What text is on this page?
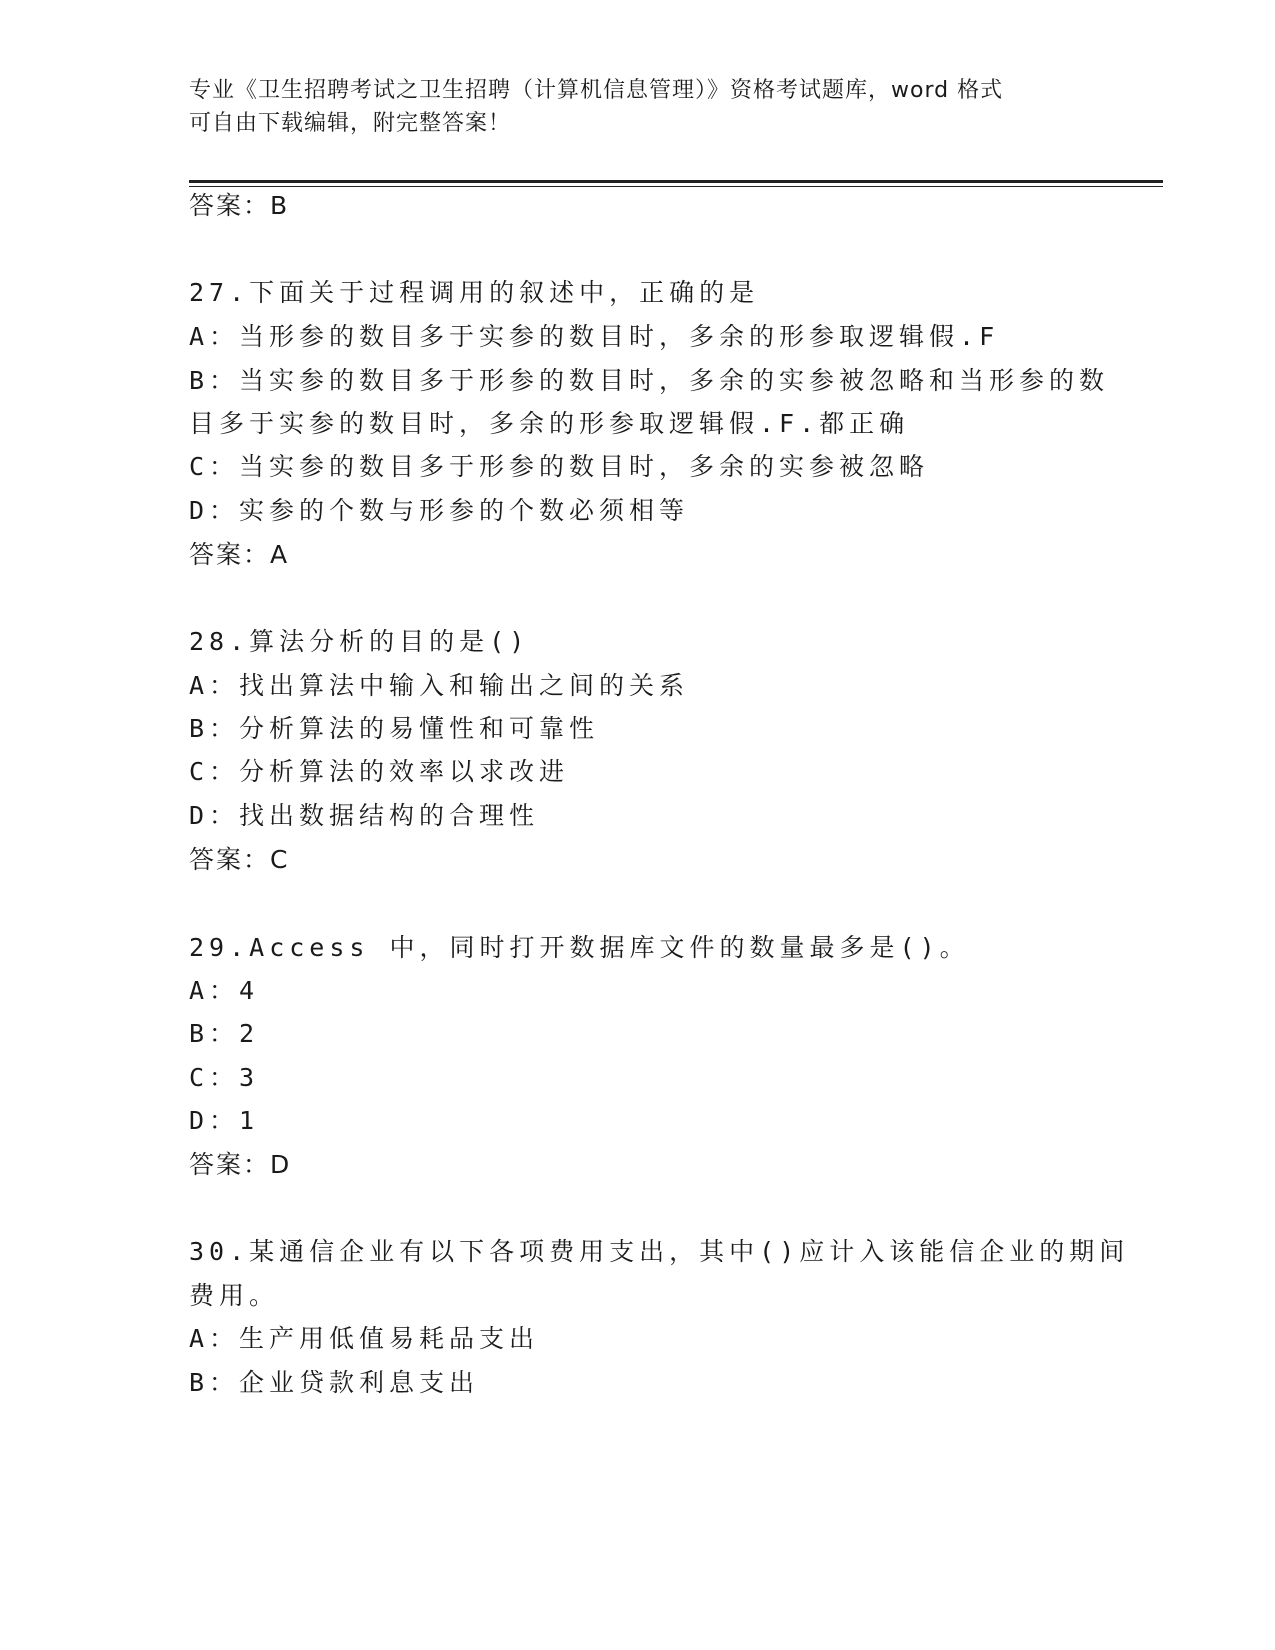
专业《卫生招聘考试之卫生招聘（计算机信息管理）》资格考试题库，word 格式
可自由下载编辑，附完整答案！
答案：B
27.下面关于过程调用的叙述中，正确的是
A：当形参的数目多于实参的数目时，多余的形参取逻辑假.F
B：当实参的数目多于形参的数目时，多余的实参被忽略和当形参的数
目多于实参的数目时，多余的形参取逻辑假.F.都正确
C：当实参的数目多于形参的数目时，多余的实参被忽略
D：实参的个数与形参的个数必须相等
答案：A
28.算法分析的目的是()
A：找出算法中输入和输出之间的关系
B：分析算法的易懂性和可靠性
C：分析算法的效率以求改进
D：找出数据结构的合理性
答案：C
29.Access 中，同时打开数据库文件的数量最多是()。
A：4
B：2
C：3
D：1
答案：D
30.某通信企业有以下各项费用支出，其中()应计入该能信企业的期间
费用。
A：生产用低值易耗品支出
B：企业贷款利息支出
